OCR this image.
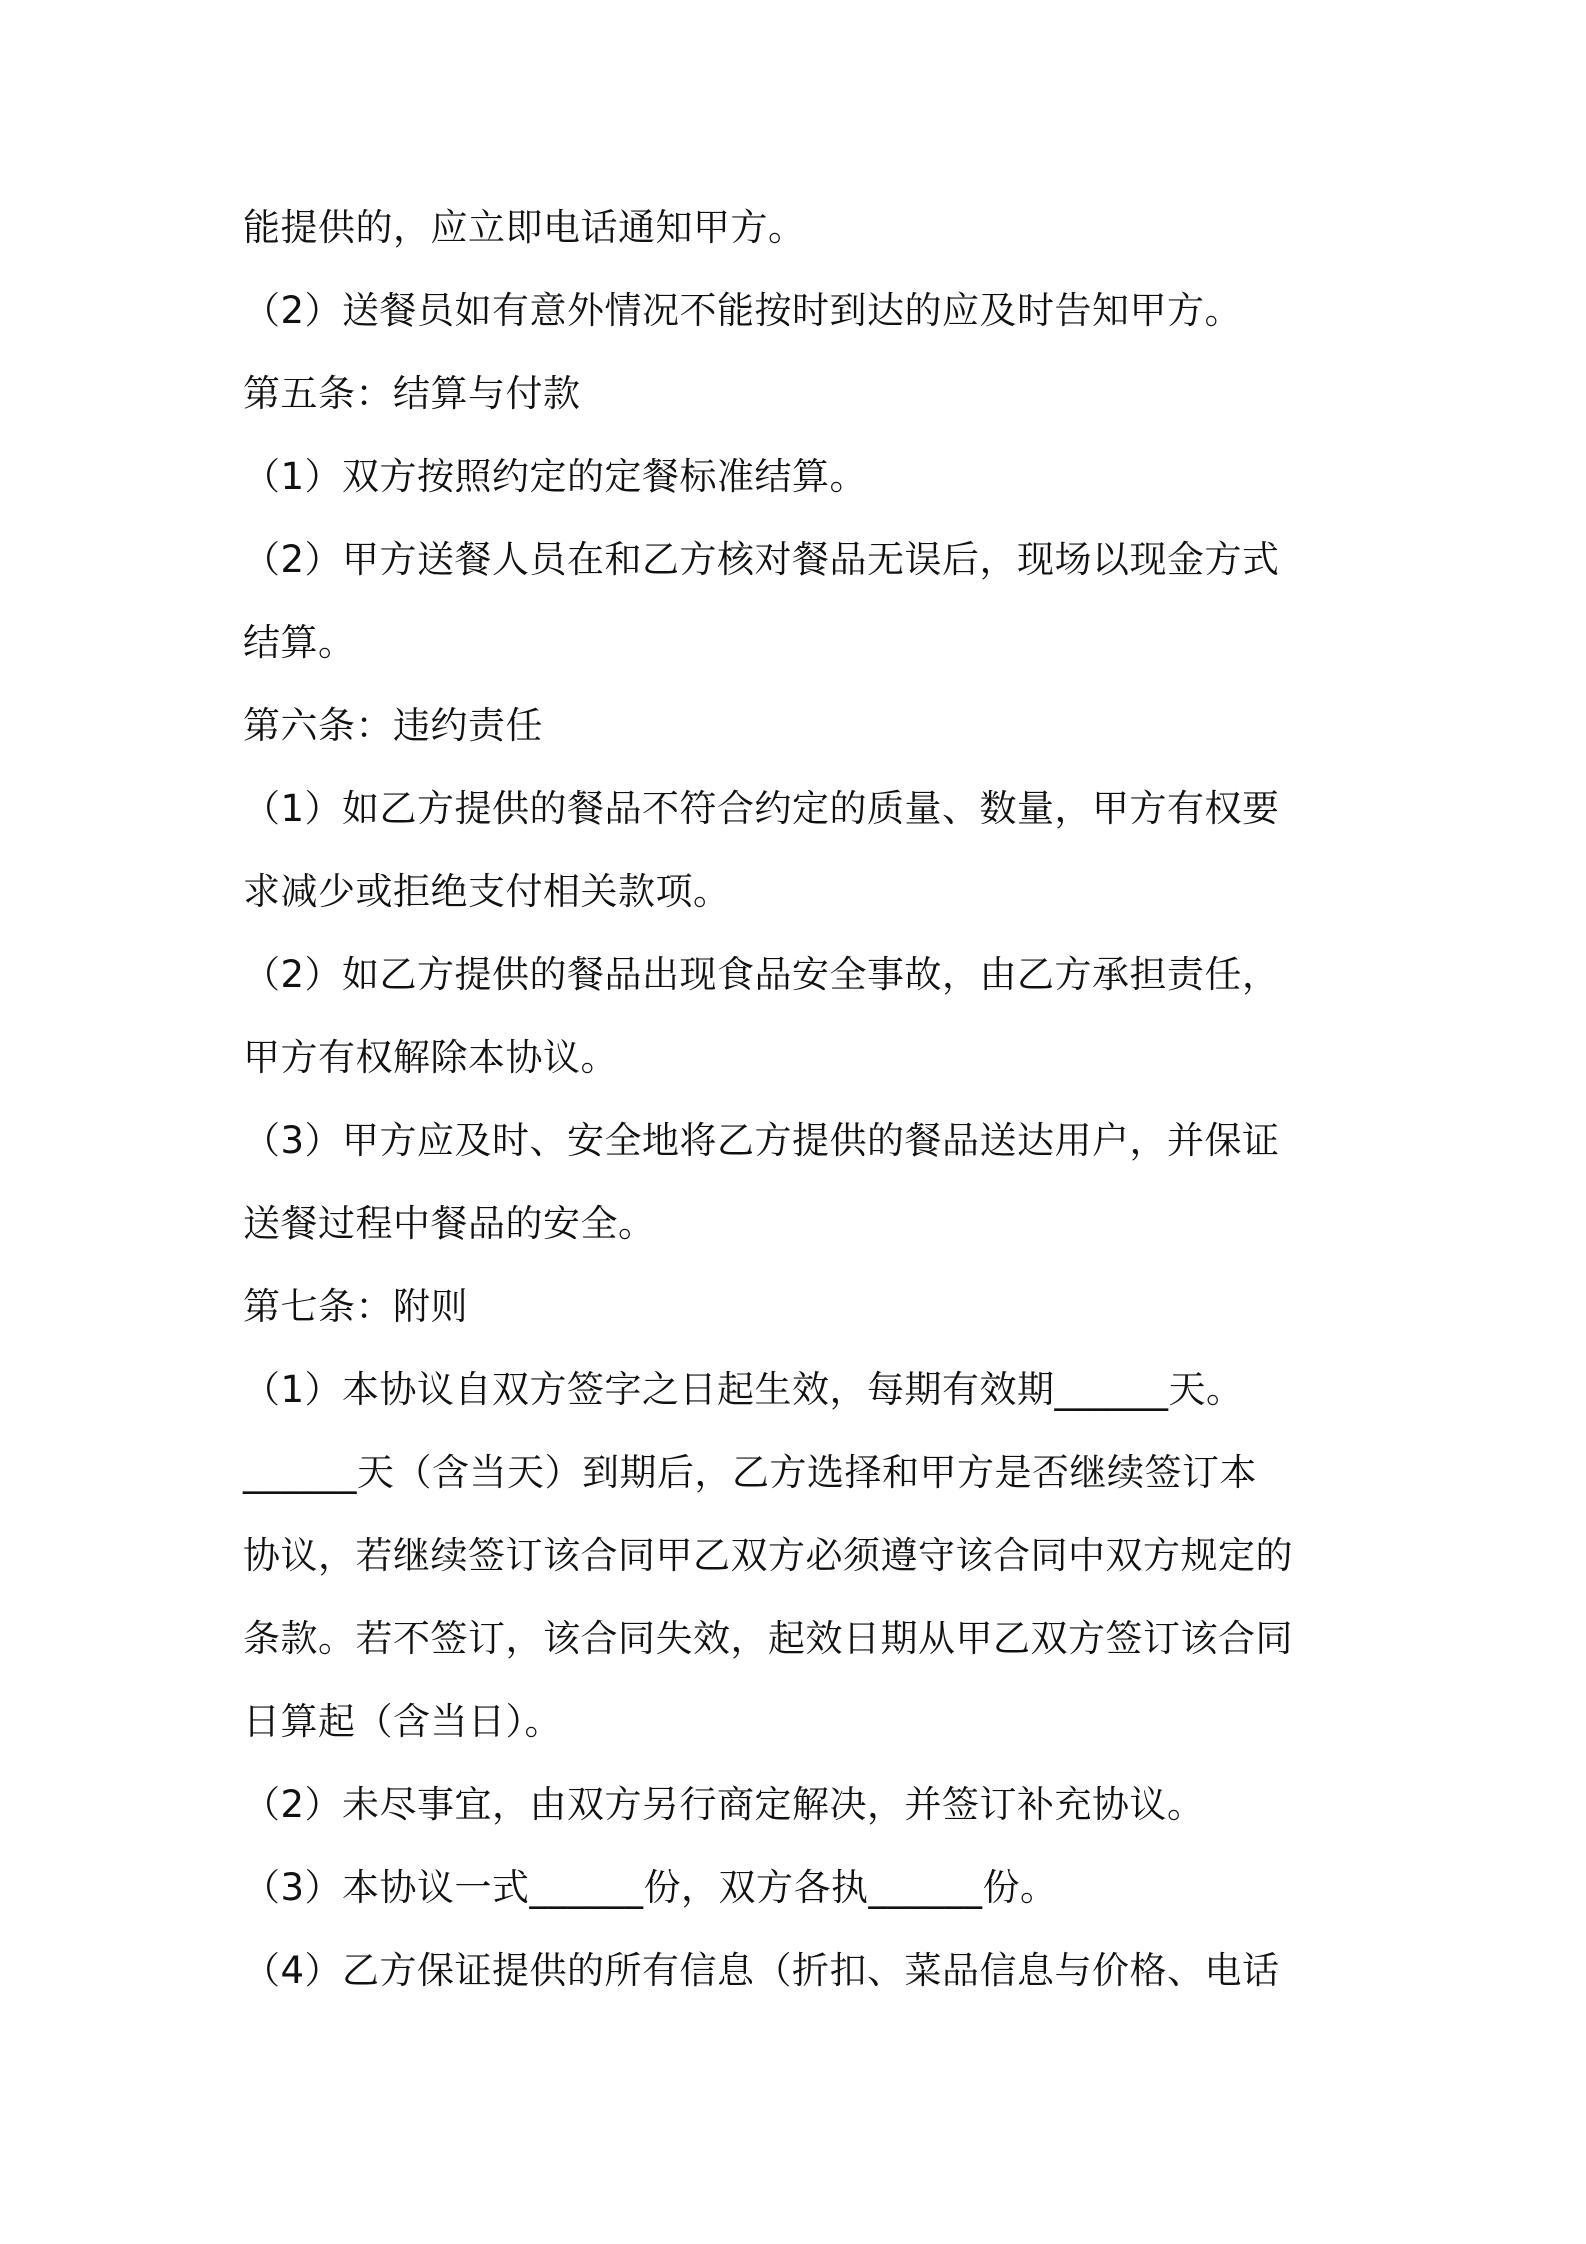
能提供的，应立即电话通知甲方。

（2）送餐员如有意外情况不能按时到达的应及时告知甲方。

第五条：结算与付款

（1）双方按照约定的定餐标准结算。

（2）甲方送餐人员在和乙方核对餐品无误后，现场以现金方式

结算。

第六条：违约责任

（1）如乙方提供的餐品不符合约定的质量、数量，甲方有权要

求减少或拒绝支付相关款项。

（2）如乙方提供的餐品出现食品安全事故，由乙方承担责任，

甲方有权解除本协议。

（3）甲方应及时、安全地将乙方提供的餐品送达用户，并保证

送餐过程中餐品的安全。

第七条：附则

（1）本协议自双方签字之日起生效，每期有效期______天。

______天（含当天）到期后，乙方选择和甲方是否继续签订本

协议，若继续签订该合同甲乙双方必须遵守该合同中双方规定的

条款。若不签订，该合同失效，起效日期从甲乙双方签订该合同

日算起（含当日）。

（2）未尽事宜，由双方另行商定解决，并签订补充协议。

（3）本协议一式______份，双方各执______份。

（4）乙方保证提供的所有信息（折扣、菜品信息与价格、电话
